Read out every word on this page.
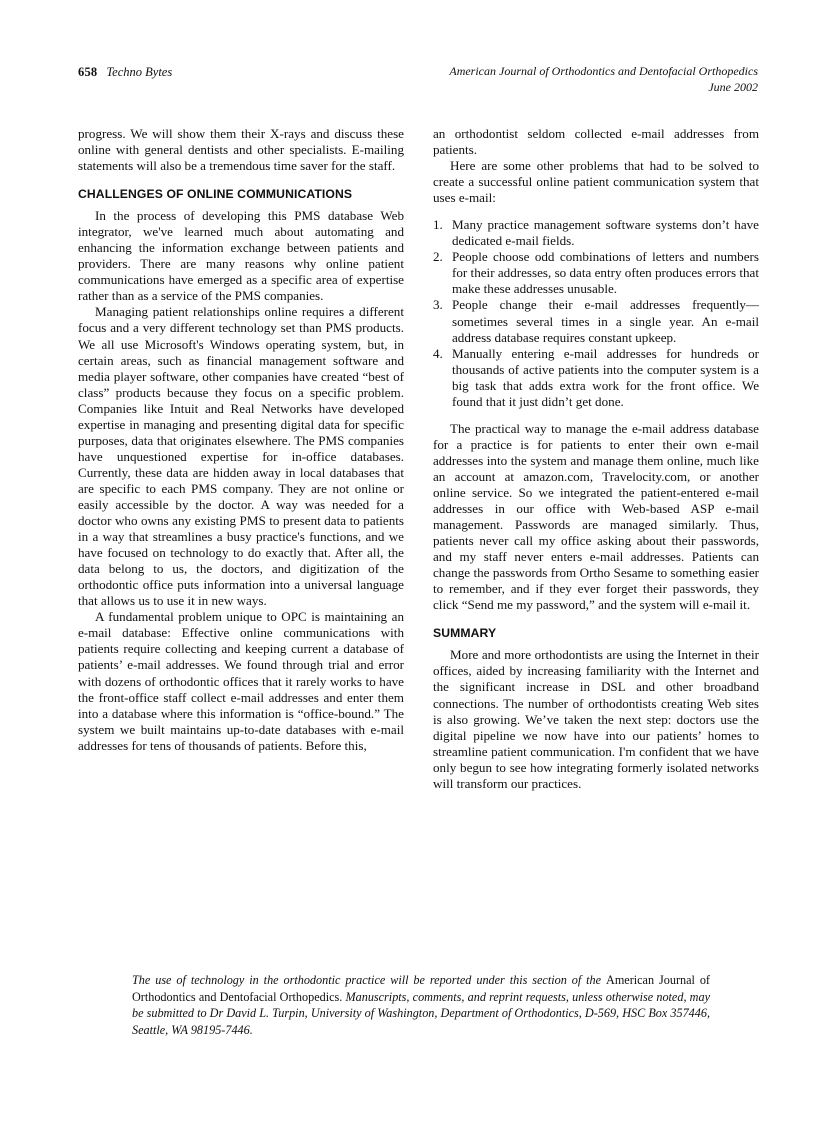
658 Techno Bytes	American Journal of Orthodontics and Dentofacial Orthopedics
June 2002

progress. We will show them their X-rays and discuss these online with general dentists and other specialists. E-mailing statements will also be a tremendous time saver for the staff.

CHALLENGES OF ONLINE COMMUNICATIONS

In the process of developing this PMS database Web integrator, we've learned much about automating and enhancing the information exchange between patients and providers. There are many reasons why online patient communications have emerged as a specific area of expertise rather than as a service of the PMS companies.

Managing patient relationships online requires a different focus and a very different technology set than PMS products. We all use Microsoft's Windows operating system, but, in certain areas, such as financial management software and media player software, other companies have created “best of class” products because they focus on a specific problem. Companies like Intuit and Real Networks have developed expertise in managing and presenting digital data for specific purposes, data that originates elsewhere. The PMS companies have unquestioned expertise for in-office databases. Currently, these data are hidden away in local databases that are specific to each PMS company. They are not online or easily accessible by the doctor. A way was needed for a doctor who owns any existing PMS to present data to patients in a way that streamlines a busy practice's functions, and we have focused on technology to do exactly that. After all, the data belong to us, the doctors, and digitization of the orthodontic office puts information into a universal language that allows us to use it in new ways.

A fundamental problem unique to OPC is maintaining an e-mail database: Effective online communications with patients require collecting and keeping current a database of patients’ e-mail addresses. We found through trial and error with dozens of orthodontic offices that it rarely works to have the front-office staff collect e-mail addresses and enter them into a database where this information is “office-bound.” The system we built maintains up-to-date databases with e-mail addresses for tens of thousands of patients. Before this,

an orthodontist seldom collected e-mail addresses from patients.

Here are some other problems that had to be solved to create a successful online patient communication system that uses e-mail:

1. Many practice management software systems don’t have dedicated e-mail fields.
2. People choose odd combinations of letters and numbers for their addresses, so data entry often produces errors that make these addresses unusable.
3. People change their e-mail addresses frequently—sometimes several times in a single year. An e-mail address database requires constant upkeep.
4. Manually entering e-mail addresses for hundreds or thousands of active patients into the computer system is a big task that adds extra work for the front office. We found that it just didn’t get done.

The practical way to manage the e-mail address database for a practice is for patients to enter their own e-mail addresses into the system and manage them online, much like an account at amazon.com, Travelocity.com, or another online service. So we integrated the patient-entered e-mail addresses in our office with Web-based ASP e-mail management. Passwords are managed similarly. Thus, patients never call my office asking about their passwords, and my staff never enters e-mail addresses. Patients can change the passwords from Ortho Sesame to something easier to remember, and if they ever forget their passwords, they click “Send me my password,” and the system will e-mail it.

SUMMARY

More and more orthodontists are using the Internet in their offices, aided by increasing familiarity with the Internet and the significant increase in DSL and other broadband connections. The number of orthodontists creating Web sites is also growing. We’ve taken the next step: doctors use the digital pipeline we now have into our patients’ homes to streamline patient communication. I'm confident that we have only begun to see how integrating formerly isolated networks will transform our practices.

The use of technology in the orthodontic practice will be reported under this section of the American Journal of Orthodontics and Dentofacial Orthopedics. Manuscripts, comments, and reprint requests, unless otherwise noted, may be submitted to Dr David L. Turpin, University of Washington, Department of Orthodontics, D-569, HSC Box 357446, Seattle, WA 98195-7446.
